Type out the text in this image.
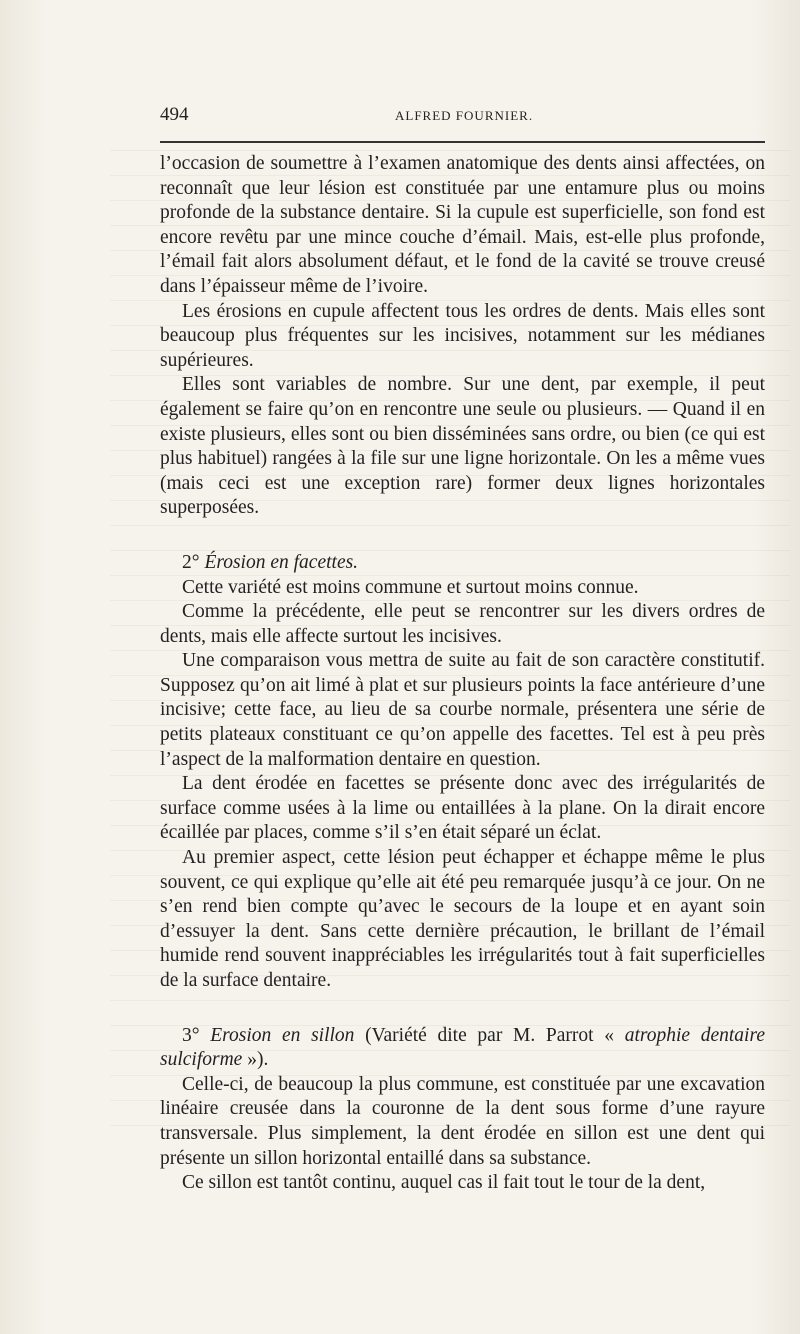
494	ALFRED FOURNIER.

l’occasion de soumettre à l’examen anatomique des dents ainsi affectées, on reconnaît que leur lésion est constituée par une entamure plus ou moins profonde de la substance dentaire. Si la cupule est superficielle, son fond est encore revêtu par une mince couche d’émail. Mais, est-elle plus profonde, l’émail fait alors absolument défaut, et le fond de la cavité se trouve creusé dans l’épaisseur même de l’ivoire.

Les érosions en cupule affectent tous les ordres de dents. Mais elles sont beaucoup plus fréquentes sur les incisives, notamment sur les médianes supérieures.

Elles sont variables de nombre. Sur une dent, par exemple, il peut également se faire qu’on en rencontre une seule ou plusieurs. — Quand il en existe plusieurs, elles sont ou bien disséminées sans ordre, ou bien (ce qui est plus habituel) rangées à la file sur une ligne horizontale. On les a même vues (mais ceci est une exception rare) former deux lignes horizontales superposées.

2° Érosion en facettes.

Cette variété est moins commune et surtout moins connue.

Comme la précédente, elle peut se rencontrer sur les divers ordres de dents, mais elle affecte surtout les incisives.

Une comparaison vous mettra de suite au fait de son caractère constitutif. Supposez qu’on ait limé à plat et sur plusieurs points la face antérieure d’une incisive; cette face, au lieu de sa courbe normale, présentera une série de petits plateaux constituant ce qu’on appelle des facettes. Tel est à peu près l’aspect de la malformation dentaire en question.

La dent érodée en facettes se présente donc avec des irrégularités de surface comme usées à la lime ou entaillées à la plane. On la dirait encore écaillée par places, comme s’il s’en était séparé un éclat.

Au premier aspect, cette lésion peut échapper et échappe même le plus souvent, ce qui explique qu’elle ait été peu remarquée jusqu’à ce jour. On ne s’en rend bien compte qu’avec le secours de la loupe et en ayant soin d’essuyer la dent. Sans cette dernière précaution, le brillant de l’émail humide rend souvent inappréciables les irrégularités tout à fait superficielles de la surface dentaire.

3° Erosion en sillon (Variété dite par M. Parrot « atrophie dentaire sulciforme »).

Celle-ci, de beaucoup la plus commune, est constituée par une excavation linéaire creusée dans la couronne de la dent sous forme d’une rayure transversale. Plus simplement, la dent érodée en sillon est une dent qui présente un sillon horizontal entaillé dans sa substance.

Ce sillon est tantôt continu, auquel cas il fait tout le tour de la dent,
